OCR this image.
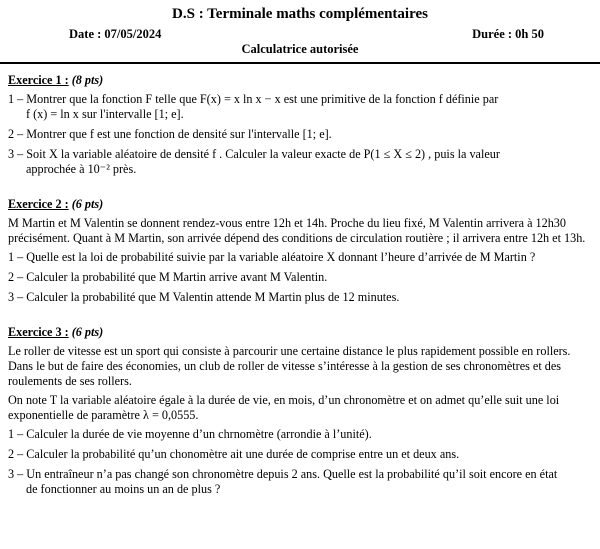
D.S : Terminale maths complémentaires
Date : 07/05/2024	Durée : 0h 50
Calculatrice autorisée
Exercice 1 : (8 pts)
1 – Montrer que la fonction F telle que F(x) = x ln x − x est une primitive de la fonction f définie par
f (x) = ln x sur l'intervalle [1; e].
2 – Montrer que f est une fonction de densité sur l'intervalle [1; e].
3 – Soit X la variable aléatoire de densité f . Calculer la valeur exacte de P(1 ≤ X ≤ 2) , puis la valeur
approchée à 10⁻² près.
Exercice 2 : (6 pts)
M Martin et M Valentin se donnent rendez-vous entre 12h et 14h. Proche du lieu fixé, M Valentin arrivera à 12h30 précisément. Quant à M Martin, son arrivée dépend des conditions de circulation routière ; il arrivera entre 12h et 13h.
1 – Quelle est la loi de probabilité suivie par la variable aléatoire X donnant l’heure d’arrivée de M Martin ?
2 – Calculer la probabilité que M Martin arrive avant M Valentin.
3 – Calculer la probabilité que M Valentin attende M Martin plus de 12 minutes.
Exercice 3 : (6 pts)
Le roller de vitesse est un sport qui consiste à parcourir une certaine distance le plus rapidement possible en rollers. Dans le but de faire des économies, un club de roller de vitesse s’intéresse à la gestion de ses chronomètres et des roulements de ses rollers.
On note T la variable aléatoire égale à la durée de vie, en mois, d’un chronomètre et on admet qu’elle suit une loi exponentielle de paramètre λ = 0,0555.
1 – Calculer la durée de vie moyenne d’un chrnomètre (arrondie à l’unité).
2 – Calculer la probabilité qu’un chonomètre ait une durée de comprise entre un et deux ans.
3 – Un entraîneur n’a pas changé son chronomètre depuis 2 ans. Quelle est la probabilité qu’il soit encore en état
de fonctionner au moins un an de plus ?
